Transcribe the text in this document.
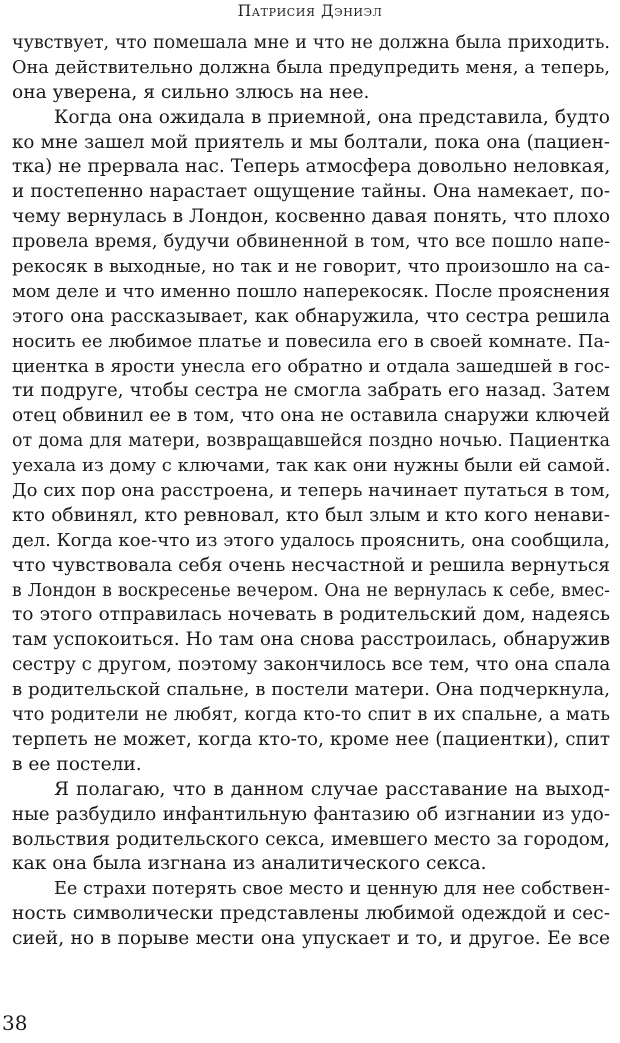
Патрисия Дэниэл
чувствует, что помешала мне и что не должна была приходить.
Она действительно должна была предупредить меня, а теперь,
она уверена, я сильно злюсь на нее.
Когда она ожидала в приемной, она представила, будто
ко мне зашел мой приятель и мы болтали, пока она (пациен-
тка) не прервала нас. Теперь атмосфера довольно неловкая,
и постепенно нарастает ощущение тайны. Она намекает, по-
чему вернулась в Лондон, косвенно давая понять, что плохо
провела время, будучи обвиненной в том, что все пошло напе-
рекосяк в выходные, но так и не говорит, что произошло на са-
мом деле и что именно пошло наперекосяк. После прояснения
этого она рассказывает, как обнаружила, что сестра решила
носить ее любимое платье и повесила его в своей комнате. Па-
циентка в ярости унесла его обратно и отдала зашедшей в гос-
ти подруге, чтобы сестра не смогла забрать его назад. Затем
отец обвинил ее в том, что она не оставила снаружи ключей
от дома для матери, возвращавшейся поздно ночью. Пациентка
уехала из дому с ключами, так как они нужны были ей самой.
До сих пор она расстроена, и теперь начинает путаться в том,
кто обвинял, кто ревновал, кто был злым и кто кого ненави-
дел. Когда кое-что из этого удалось прояснить, она сообщила,
что чувствовала себя очень несчастной и решила вернуться
в Лондон в воскресенье вечером. Она не вернулась к себе, вмес-
то этого отправилась ночевать в родительский дом, надеясь
там успокоиться. Но там она снова расстроилась, обнаружив
сестру с другом, поэтому закончилось все тем, что она спала
в родительской спальне, в постели матери. Она подчеркнула,
что родители не любят, когда кто-то спит в их спальне, а мать
терпеть не может, когда кто-то, кроме нее (пациентки), спит
в ее постели.
Я полагаю, что в данном случае расставание на выход-
ные разбудило инфантильную фантазию об изгнании из удо-
вольствия родительского секса, имевшего место за городом,
как она была изгнана из аналитического секса.
Ее страхи потерять свое место и ценную для нее собствен-
ность символически представлены любимой одеждой и сес-
сией, но в порыве мести она упускает и то, и другое. Ее все
38
